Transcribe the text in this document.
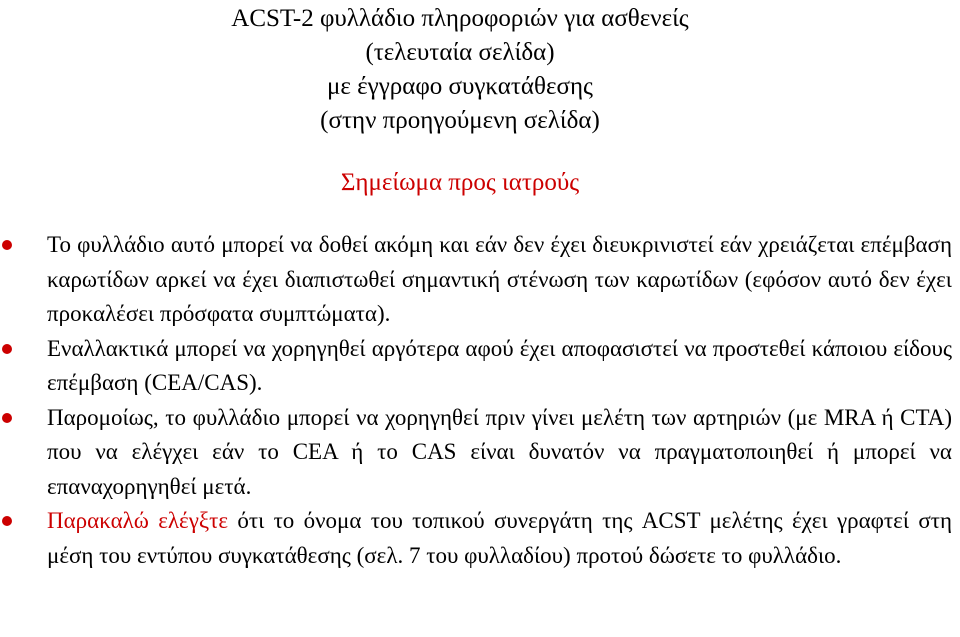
ACST-2 φυλλάδιο πληροφοριών για ασθενείς
(τελευταία σελίδα)
με έγγραφο συγκατάθεσης
(στην προηγούμενη σελίδα)
Σημείωμα προς ιατρούς
Το φυλλάδιο αυτό μπορεί να δοθεί ακόμη και εάν δεν έχει διευκρινιστεί εάν χρειάζεται επέμβαση καρωτίδων αρκεί να έχει διαπιστωθεί σημαντική στένωση των καρωτίδων (εφόσον αυτό δεν έχει προκαλέσει πρόσφατα συμπτώματα).
Εναλλακτικά μπορεί να χορηγηθεί αργότερα αφού έχει αποφασιστεί να προστεθεί κάποιου είδους επέμβαση (CEA/CAS).
Παρομοίως, το φυλλάδιο μπορεί να χορηγηθεί πριν γίνει μελέτη των αρτηριών (με MRA ή CTA) που να ελέγχει εάν το CEA ή το CAS είναι δυνατόν να πραγματοποιηθεί ή μπορεί να επαναχορηγηθεί μετά.
Παρακαλώ ελέγξτε ότι το όνομα του τοπικού συνεργάτη της ACST μελέτης έχει γραφτεί στη μέση του εντύπου συγκατάθεσης (σελ. 7 του φυλλαδίου) προτού δώσετε το φυλλάδιο.
